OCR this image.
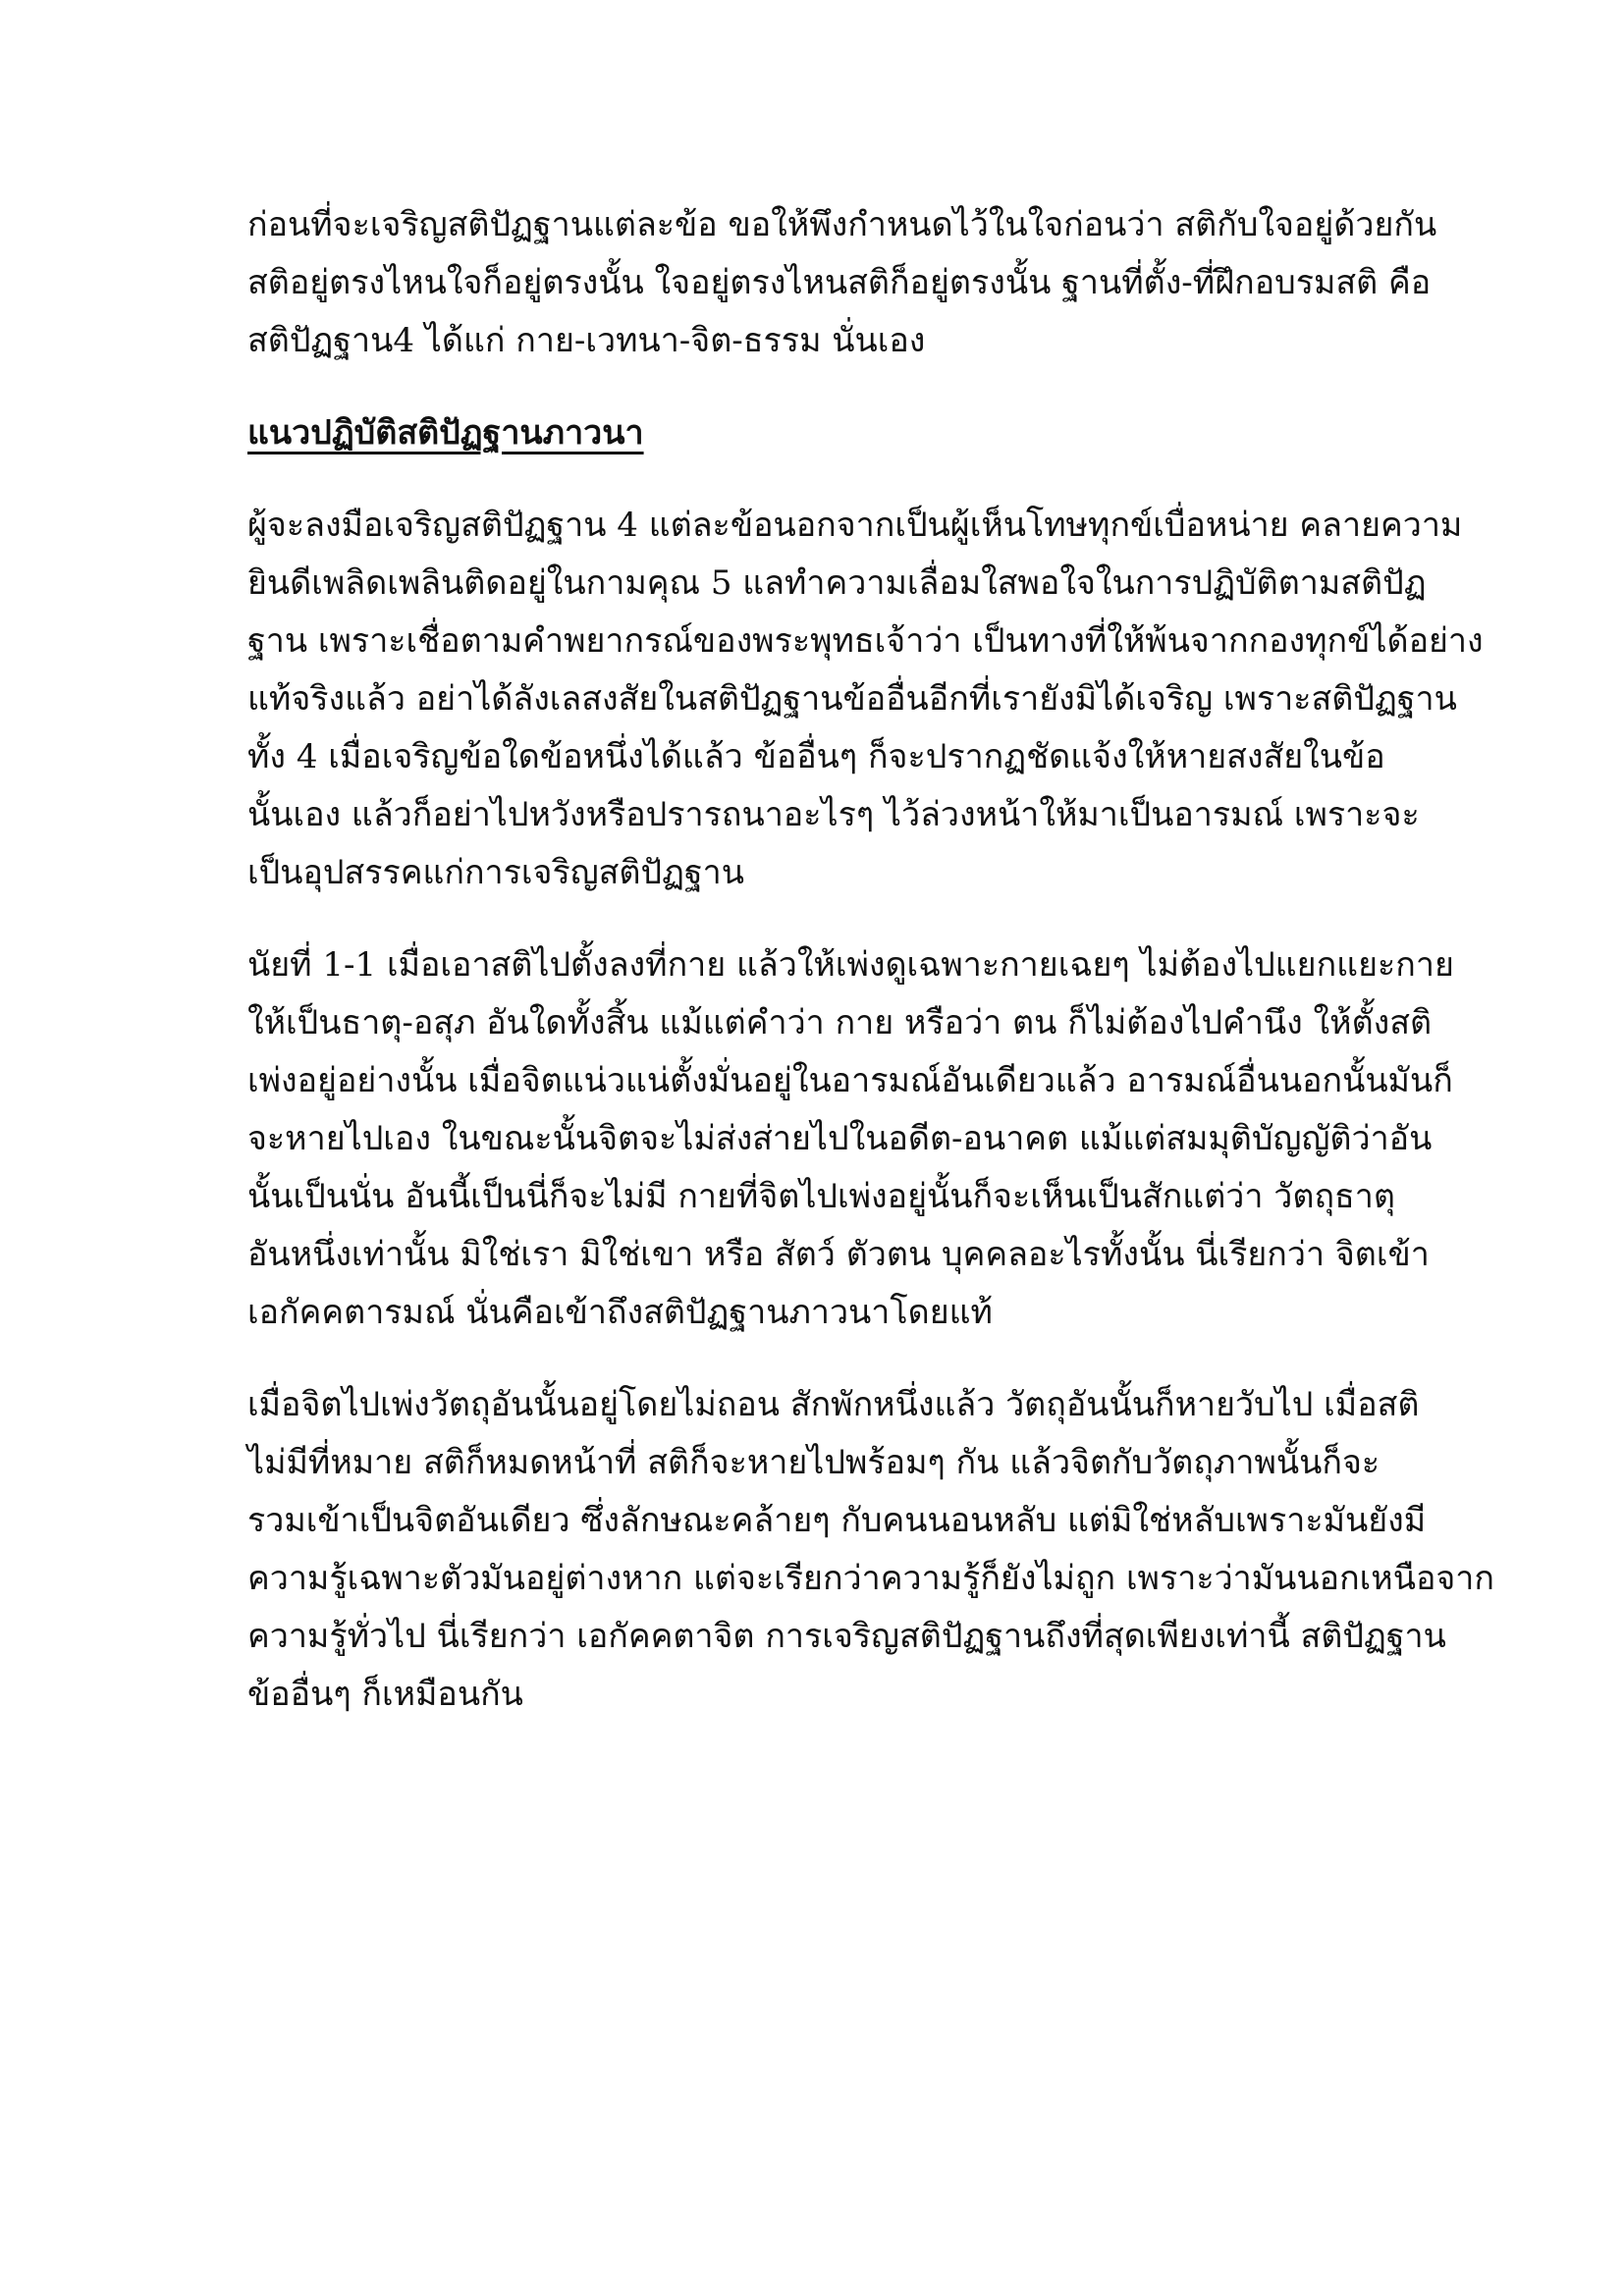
ก่อนที่จะเจริญสติปัฏฐานแต่ละข้อ ขอให้พึงกำหนดไว้ในใจก่อนว่า สติกับใจอยู่ด้วยกัน
สติอยู่ตรงไหนใจก็อยู่ตรงนั้น ใจอยู่ตรงไหนสติก็อยู่ตรงนั้น ฐานที่ตั้ง-ที่ฝึกอบรมสติ คือ
สติปัฏฐาน4 ได้แก่ กาย-เวทนา-จิต-ธรรม นั่นเอง
แนวปฏิบัติสติปัฏฐานภาวนา
ผู้จะลงมือเจริญสติปัฏฐาน 4 แต่ละข้อนอกจากเป็นผู้เห็นโทษทุกข์เบื่อหน่าย คลายความ
ยินดีเพลิดเพลินติดอยู่ในกามคุณ 5 แลทำความเลื่อมใสพอใจในการปฏิบัติตามสติปัฏ
ฐาน เพราะเชื่อตามคำพยากรณ์ของพระพุทธเจ้าว่า เป็นทางที่ให้พ้นจากกองทุกข์ได้อย่าง
แท้จริงแล้ว อย่าได้ลังเลสงสัยในสติปัฏฐานข้ออื่นอีกที่เรายังมิได้เจริญ เพราะสติปัฏฐาน
ทั้ง 4 เมื่อเจริญข้อใดข้อหนึ่งได้แล้ว ข้ออื่นๆ ก็จะปรากฏชัดแจ้งให้หายสงสัยในข้อ
นั้นเอง แล้วก็อย่าไปหวังหรือปรารถนาอะไรๆ ไว้ล่วงหน้าให้มาเป็นอารมณ์ เพราะจะ
เป็นอุปสรรคแก่การเจริญสติปัฏฐาน
นัยที่ 1-1 เมื่อเอาสติไปตั้งลงที่กาย แล้วให้เพ่งดูเฉพาะกายเฉยๆ ไม่ต้องไปแยกแยะกาย
ให้เป็นธาตุ-อสุภ อันใดทั้งสิ้น แม้แต่คำว่า กาย หรือว่า ตน ก็ไม่ต้องไปคำนึง ให้ตั้งสติ
เพ่งอยู่อย่างนั้น เมื่อจิตแน่วแน่ตั้งมั่นอยู่ในอารมณ์อันเดียวแล้ว อารมณ์อื่นนอกนั้นมันก็
จะหายไปเอง ในขณะนั้นจิตจะไม่ส่งส่ายไปในอดีต-อนาคต แม้แต่สมมุติบัญญัติว่าอัน
นั้นเป็นนั่น อันนี้เป็นนี่ก็จะไม่มี กายที่จิตไปเพ่งอยู่นั้นก็จะเห็นเป็นสักแต่ว่า วัตถุธาตุ
อันหนึ่งเท่านั้น มิใช่เรา มิใช่เขา หรือ สัตว์ ตัวตน บุคคลอะไรทั้งนั้น นี่เรียกว่า จิตเข้า
เอกัคคตารมณ์ นั่นคือเข้าถึงสติปัฏฐานภาวนาโดยแท้
เมื่อจิตไปเพ่งวัตถุอันนั้นอยู่โดยไม่ถอน สักพักหนึ่งแล้ว วัตถุอันนั้นก็หายวับไป เมื่อสติ
ไม่มีที่หมาย สติก็หมดหน้าที่ สติก็จะหายไปพร้อมๆ กัน แล้วจิตกับวัตถุภาพนั้นก็จะ
รวมเข้าเป็นจิตอันเดียว ซึ่งลักษณะคล้ายๆ กับคนนอนหลับ แต่มิใช่หลับเพราะมันยังมี
ความรู้เฉพาะตัวมันอยู่ต่างหาก แต่จะเรียกว่าความรู้ก็ยังไม่ถูก เพราะว่ามันนอกเหนือจาก
ความรู้ทั่วไป นี่เรียกว่า เอกัคคตาจิต การเจริญสติปัฏฐานถึงที่สุดเพียงเท่านี้ สติปัฏฐาน
ข้ออื่นๆ ก็เหมือนกัน
